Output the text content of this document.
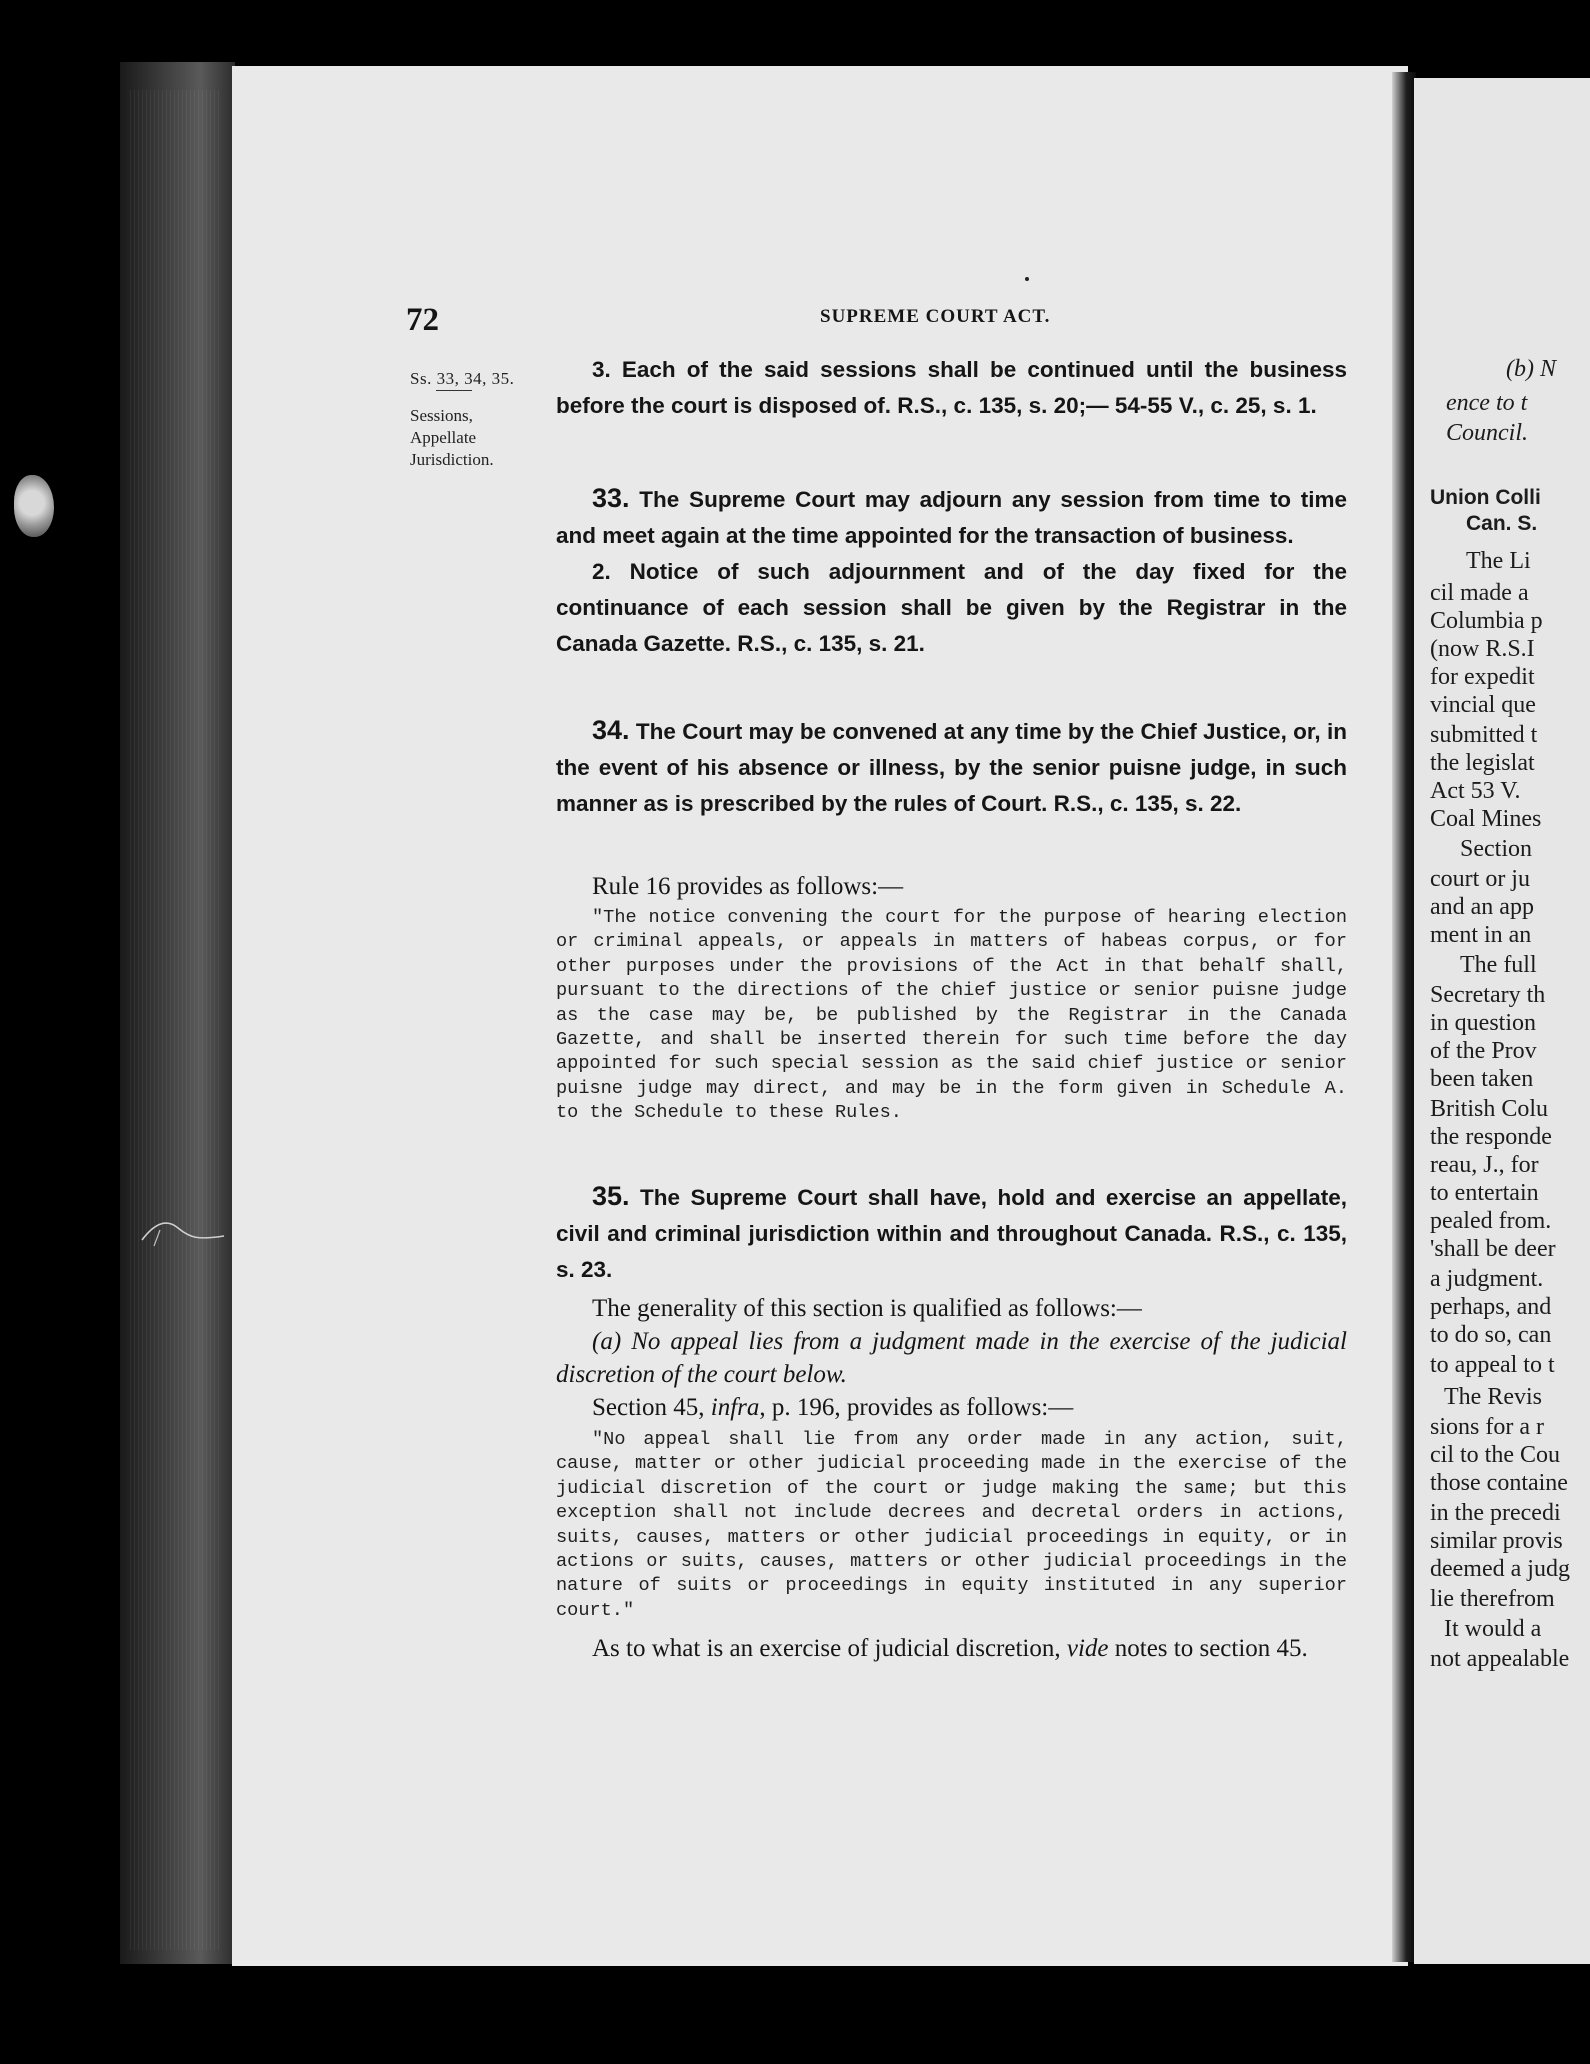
72	SUPREME COURT ACT.
Ss. 33, 34, 35.
Sessions,
Appellate
Jurisdiction.

3. Each of the said sessions shall be continued until the business before the court is disposed of. R.S., c. 135, s. 20;— 54-55 V., c. 25, s. 1.

33. The Supreme Court may adjourn any session from time to time and meet again at the time appointed for the transaction of business.

2. Notice of such adjournment and of the day fixed for the continuance of each session shall be given by the Registrar in the Canada Gazette. R.S., c. 135, s. 21.

34. The Court may be convened at any time by the Chief Justice, or, in the event of his absence or illness, by the senior puisne judge, in such manner as is prescribed by the rules of Court. R.S., c. 135, s. 22.

Rule 16 provides as follows:—
"The notice convening the court for the purpose of hearing election or criminal appeals, or appeals in matters of habeas corpus, or for other purposes under the provisions of the Act in that behalf shall, pursuant to the directions of the chief justice or senior puisne judge as the case may be, be published by the Registrar in the Canada Gazette, and shall be inserted therein for such time before the day appointed for such special session as the said chief justice or senior puisne judge may direct, and may be in the form given in Schedule A. to the Schedule to these Rules.

35. The Supreme Court shall have, hold and exercise an appellate, civil and criminal jurisdiction within and throughout Canada. R.S., c. 135, s. 23.

The generality of this section is qualified as follows:—

(a) No appeal lies from a judgment made in the exercise of the judicial discretion of the court below.

Section 45, infra, p. 196, provides as follows:—

"No appeal shall lie from any order made in any action, suit, cause, matter or other judicial proceeding made in the exercise of the judicial discretion of the court or judge making the same; but this exception shall not include decrees and decretal orders in actions, suits, causes, matters or other judicial proceedings in equity, or in actions or suits, causes, matters or other judicial proceedings in the nature of suits or proceedings in equity instituted in any superior court."

As to what is an exercise of judicial discretion, vide notes to section 45.

(b) N
ence to t
Council.
Union Colli
Can. S.
The Li
cil made a
Columbia p
(now R.S.I
for expedit
vincial que
submitted t
the legislat
Act 53 V.
Coal Mines
Section
court or ju
and an app
ment in an
The full
Secretary th
in question
of the Prov
been taken
British Colu
the responde
reau, J., for
to entertain
pealed from.
'shall be deer
a judgment.
perhaps, and
to do so, can
to appeal to t
The Revis
sions for a r
cil to the Cou
those containe
in the precedi
similar provis
deemed a judg
lie therefrom
It would a
not appealable
